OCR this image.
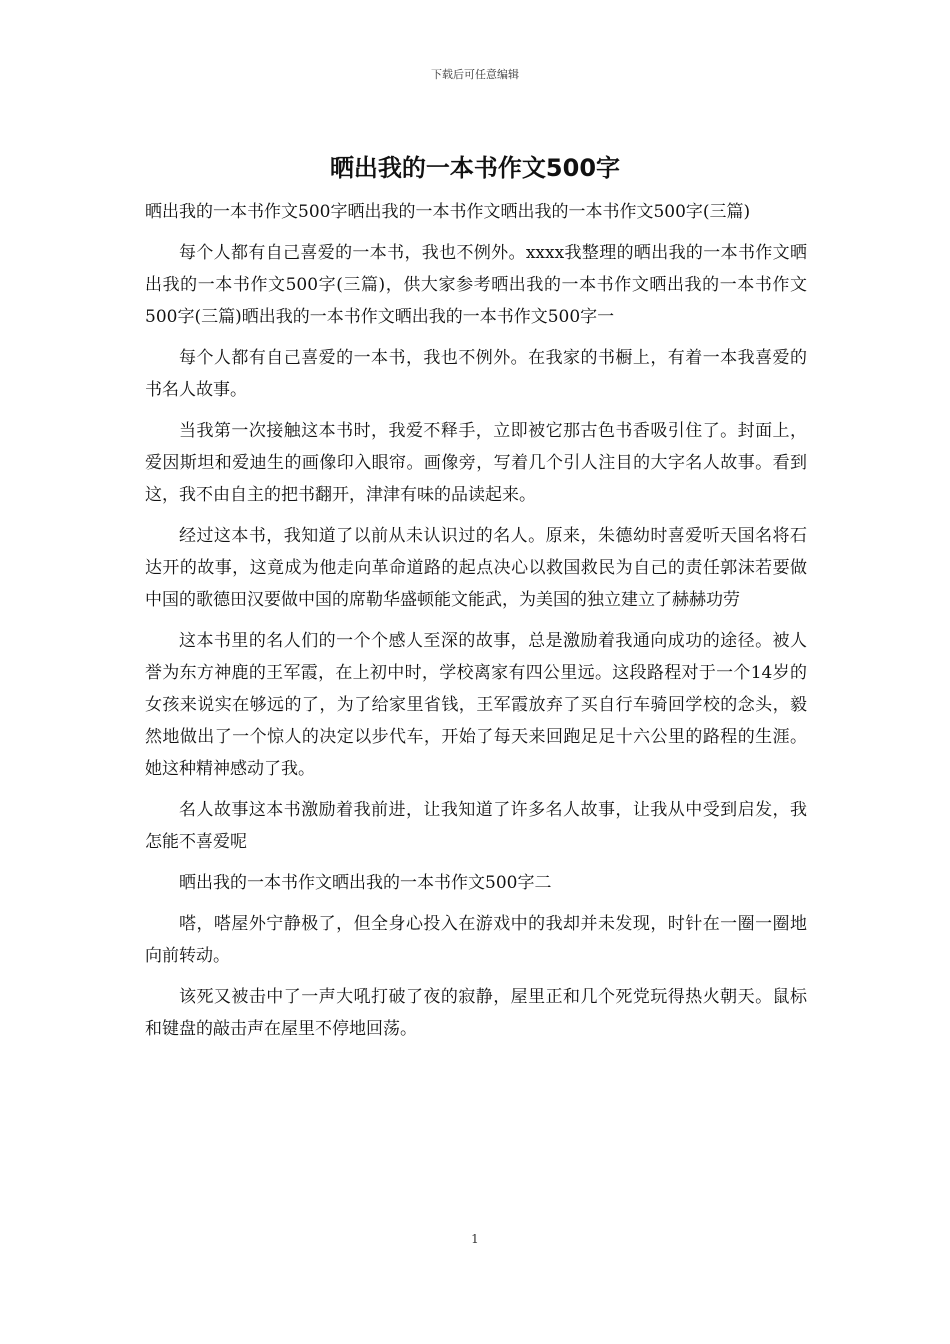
下载后可任意编辑
晒出我的一本书作文500字

晒出我的一本书作文500字晒出我的一本书作文晒出我的一本书作文500字(三篇)

每个人都有自己喜爱的一本书，我也不例外。xxxx我整理的晒出我的一本书作文晒出我的一本书作文500字(三篇)，供大家参考晒出我的一本书作文晒出我的一本书作文500字(三篇)晒出我的一本书作文晒出我的一本书作文500字一

每个人都有自己喜爱的一本书，我也不例外。在我家的书橱上，有着一本我喜爱的书名人故事。

当我第一次接触这本书时，我爱不释手，立即被它那古色书香吸引住了。封面上，爱因斯坦和爱迪生的画像印入眼帘。画像旁，写着几个引人注目的大字名人故事。看到这，我不由自主的把书翻开，津津有味的品读起来。

经过这本书，我知道了以前从未认识过的名人。原来，朱德幼时喜爱听天国名将石达开的故事，这竟成为他走向革命道路的起点决心以救国救民为自己的责任郭沫若要做中国的歌德田汉要做中国的席勒华盛顿能文能武，为美国的独立建立了赫赫功劳

这本书里的名人们的一个个感人至深的故事，总是激励着我通向成功的途径。被人誉为东方神鹿的王军霞，在上初中时，学校离家有四公里远。这段路程对于一个14岁的女孩来说实在够远的了，为了给家里省钱，王军霞放弃了买自行车骑回学校的念头，毅然地做出了一个惊人的决定以步代车，开始了每天来回跑足足十六公里的路程的生涯。她这种精神感动了我。

名人故事这本书激励着我前进，让我知道了许多名人故事，让我从中受到启发，我怎能不喜爱呢

晒出我的一本书作文晒出我的一本书作文500字二

嗒，嗒屋外宁静极了，但全身心投入在游戏中的我却并未发现，时针在一圈一圈地向前转动。

该死又被击中了一声大吼打破了夜的寂静，屋里正和几个死党玩得热火朝天。鼠标和键盘的敲击声在屋里不停地回荡。

1
